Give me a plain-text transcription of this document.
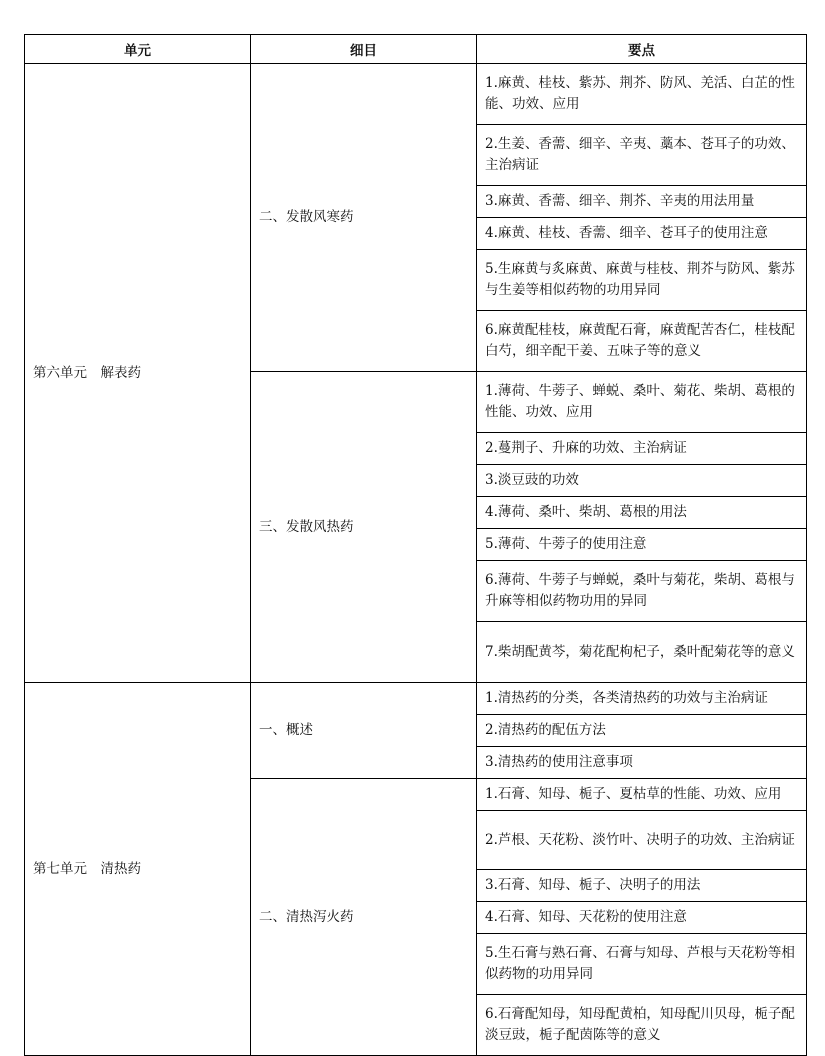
单元	细目	要点
第六单元　解表药	二、发散风寒药	1.麻黄、桂枝、紫苏、荆芥、防风、羌活、白芷的性能、功效、应用
		2.生姜、香薷、细辛、辛夷、藁本、苍耳子的功效、主治病证
		3.麻黄、香薷、细辛、荆芥、辛夷的用法用量
		4.麻黄、桂枝、香薷、细辛、苍耳子的使用注意
		5.生麻黄与炙麻黄、麻黄与桂枝、荆芥与防风、紫苏与生姜等相似药物的功用异同
		6.麻黄配桂枝，麻黄配石膏，麻黄配苦杏仁，桂枝配白芍，细辛配干姜、五味子等的意义
	三、发散风热药	1.薄荷、牛蒡子、蝉蜕、桑叶、菊花、柴胡、葛根的性能、功效、应用
		2.蔓荆子、升麻的功效、主治病证
		3.淡豆豉的功效
		4.薄荷、桑叶、柴胡、葛根的用法
		5.薄荷、牛蒡子的使用注意
		6.薄荷、牛蒡子与蝉蜕，桑叶与菊花，柴胡、葛根与升麻等相似药物功用的异同
		7.柴胡配黄芩，菊花配枸杞子，桑叶配菊花等的意义
第七单元　清热药	一、概述	1.清热药的分类，各类清热药的功效与主治病证
		2.清热药的配伍方法
		3.清热药的使用注意事项
	二、清热泻火药	1.石膏、知母、栀子、夏枯草的性能、功效、应用
		2.芦根、天花粉、淡竹叶、决明子的功效、主治病证
		3.石膏、知母、栀子、决明子的用法
		4.石膏、知母、天花粉的使用注意
		5.生石膏与熟石膏、石膏与知母、芦根与天花粉等相似药物的功用异同
		6.石膏配知母，知母配黄柏，知母配川贝母，栀子配淡豆豉，栀子配茵陈等的意义
